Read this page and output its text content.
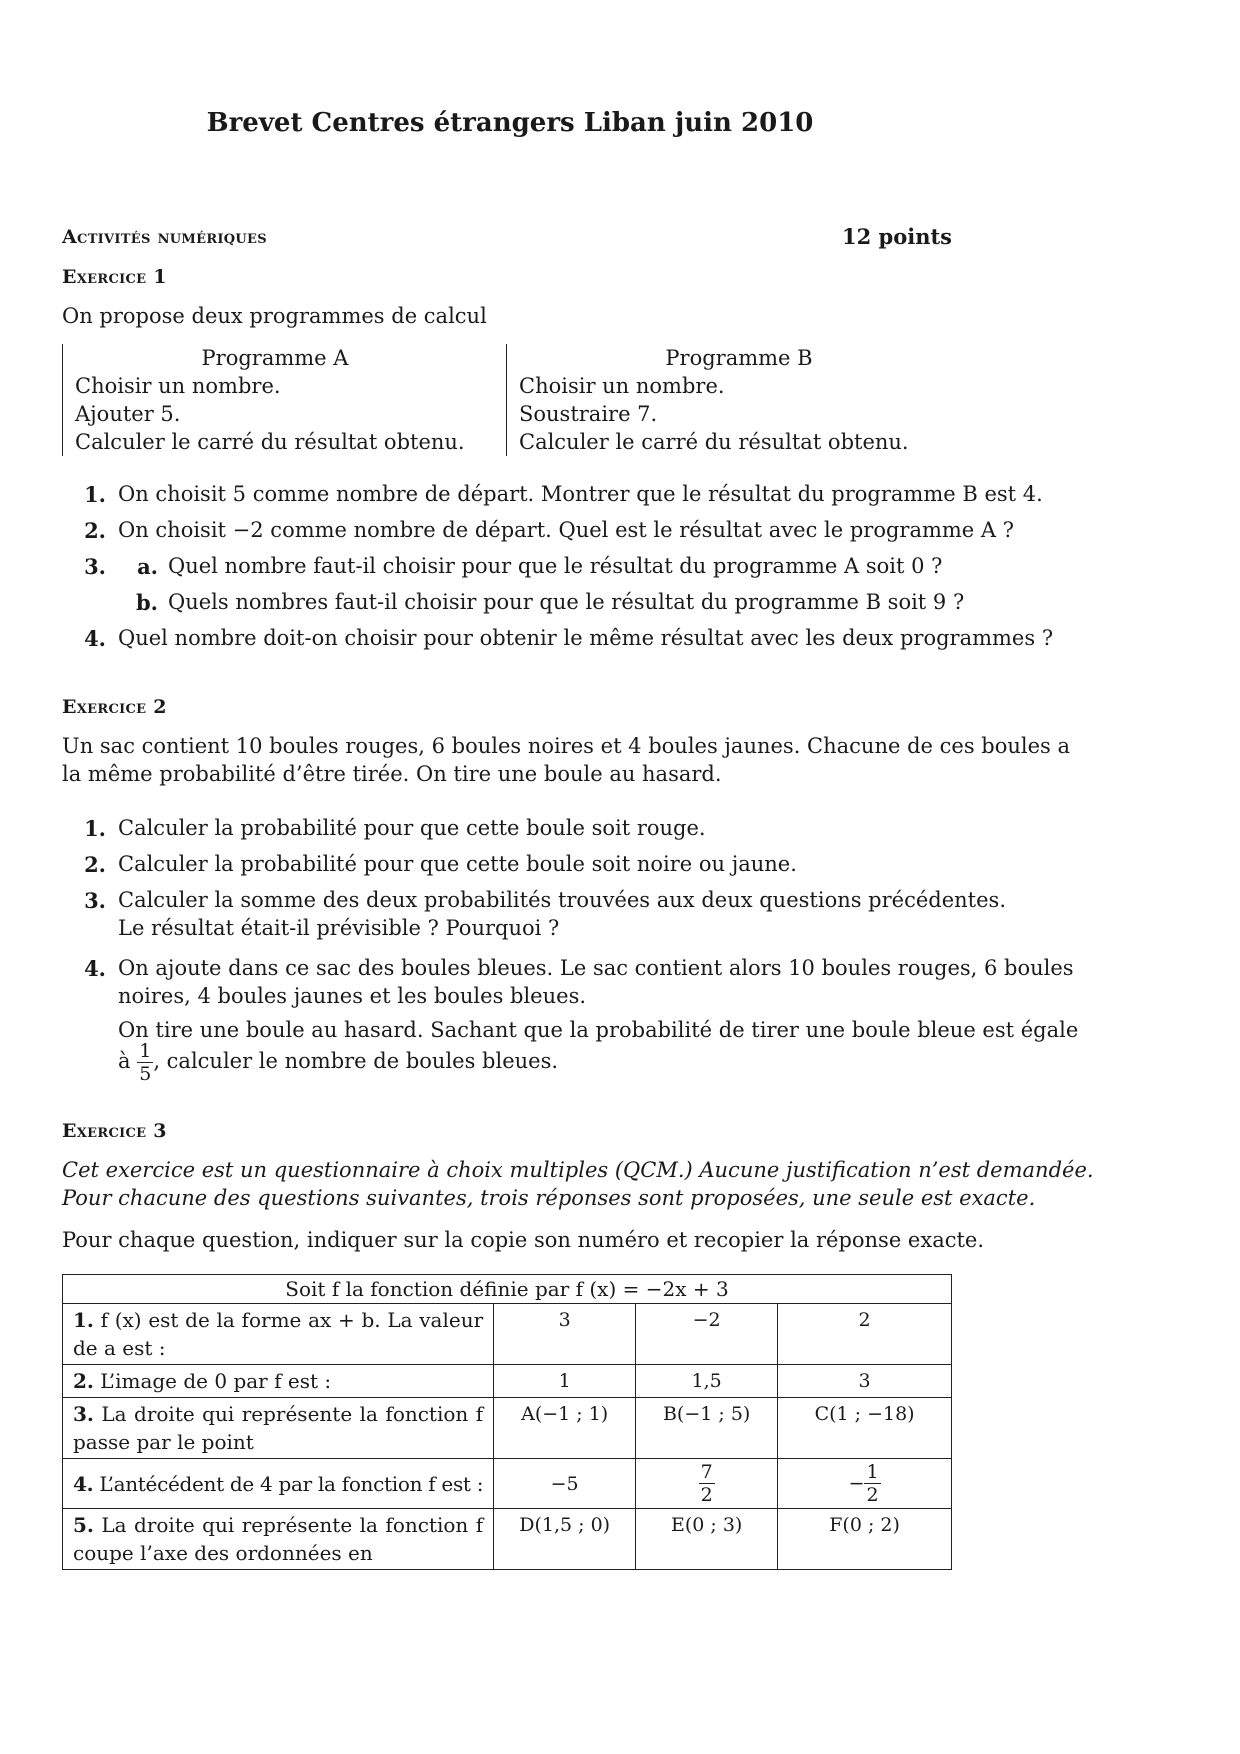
Brevet Centres étrangers Liban juin 2010
Activités numériques	12 points
Exercice 1
On propose deux programmes de calcul
Programme A
Choisir un nombre.
Ajouter 5.
Calculer le carré du résultat obtenu.
Programme B
Choisir un nombre.
Soustraire 7.
Calculer le carré du résultat obtenu.
1. On choisit 5 comme nombre de départ. Montrer que le résultat du programme B est 4.
2. On choisit −2 comme nombre de départ. Quel est le résultat avec le programme A ?
3.	a. Quel nombre faut-il choisir pour que le résultat du programme A soit 0 ?
b. Quels nombres faut-il choisir pour que le résultat du programme B soit 9 ?
4. Quel nombre doit-on choisir pour obtenir le même résultat avec les deux programmes ?
Exercice 2
Un sac contient 10 boules rouges, 6 boules noires et 4 boules jaunes. Chacune de ces boules a
la même probabilité d’être tirée. On tire une boule au hasard.
1. Calculer la probabilité pour que cette boule soit rouge.
2. Calculer la probabilité pour que cette boule soit noire ou jaune.
3. Calculer la somme des deux probabilités trouvées aux deux questions précédentes.
Le résultat était-il prévisible ? Pourquoi ?
4. On ajoute dans ce sac des boules bleues. Le sac contient alors 10 boules rouges, 6 boules
noires, 4 boules jaunes et les boules bleues.
On tire une boule au hasard. Sachant que la probabilité de tirer une boule bleue est égale
à $\frac{1}{5}$ , calculer le nombre de boules bleues.
Exercice 3
Cet exercice est un questionnaire à choix multiples (QCM.) Aucune justification n’est demandée.
Pour chacune des questions suivantes, trois réponses sont proposées, une seule est exacte.
Pour chaque question, indiquer sur la copie son numéro et recopier la réponse exacte.
Soit f la fonction définie par f (x) = −2x + 3			
1. f (x) est de la forme ax + b. La valeur de a est :	3	−2	2
2. L’image de 0 par f est :	1	1,5	3
3. La droite qui représente la fonction f passe par le point	A(−1 ; 1)	B(−1 ; 5)	C(1 ; −18)
4. L’antécédent de 4 par la fonction f est :	−5	$\frac{7}{2}$	− $\frac{1}{2}$

5. La droite qui représente la fonction f coupe l’axe des ordonnées en	D(1,5 ; 0)	E(0 ; 3)	F(0 ; 2)
